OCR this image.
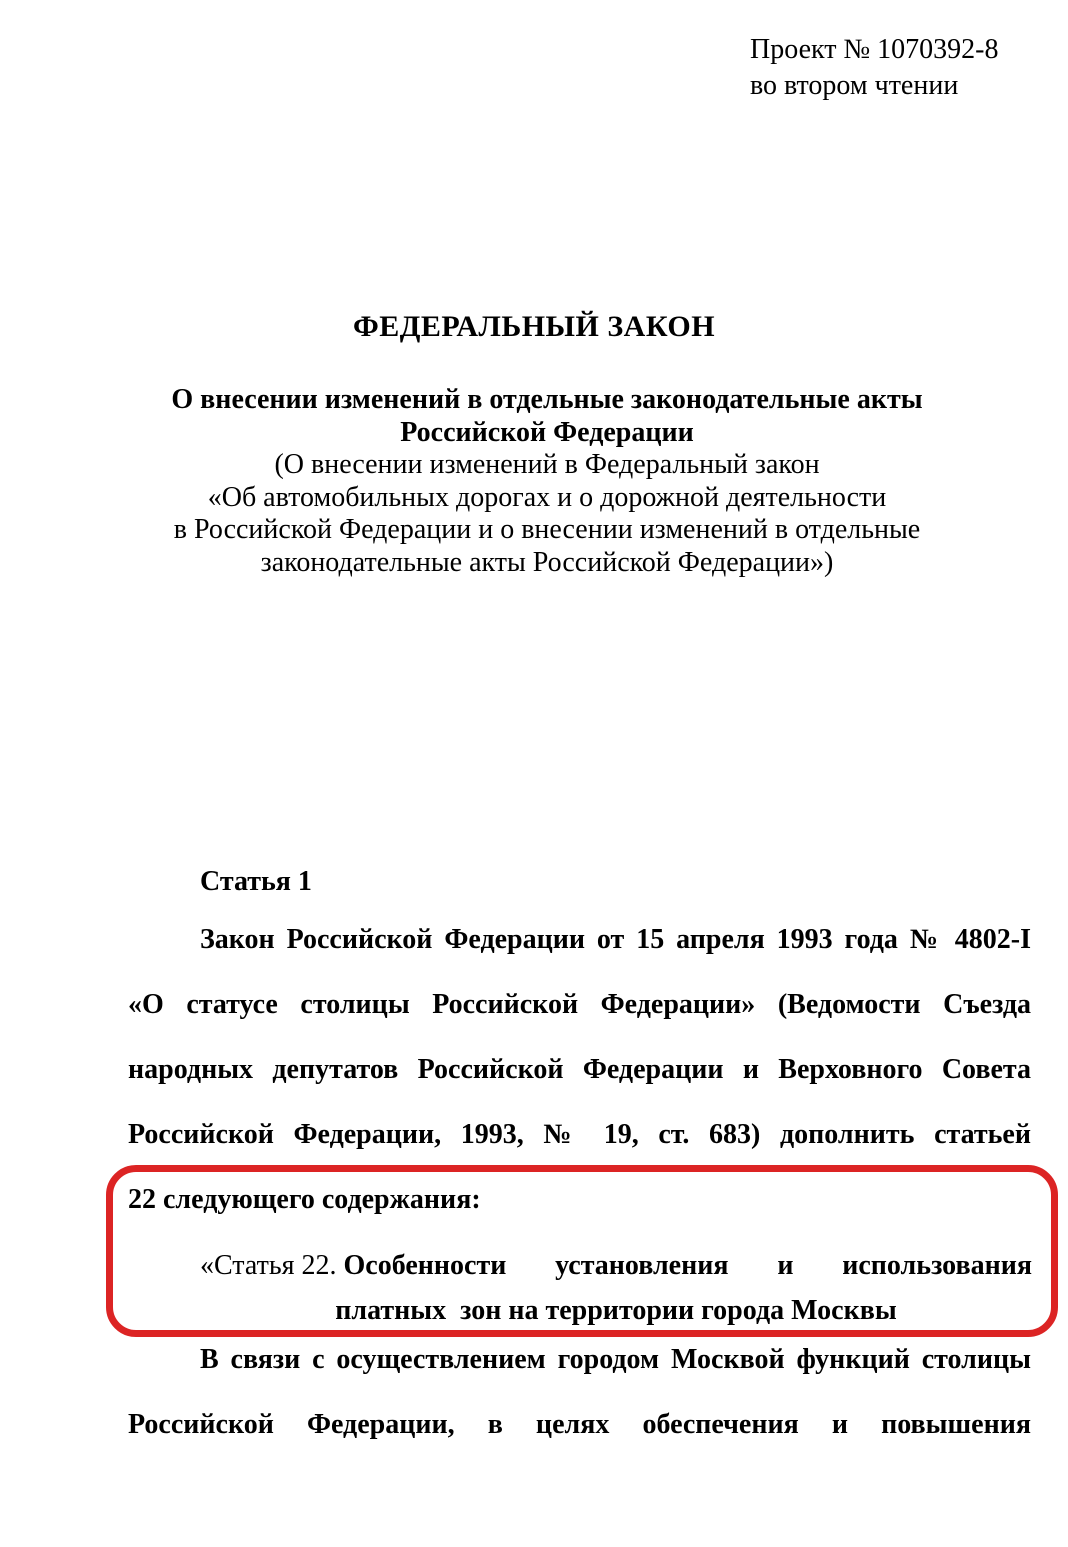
Проект № 1070392-8
во втором чтении
ФЕДЕРАЛЬНЫЙ ЗАКОН
О внесении изменений в отдельные законодательные акты
Российской Федерации
(О внесении изменений в Федеральный закон
«Об автомобильных дорогах и о дорожной деятельности
в Российской Федерации и о внесении изменений в отдельные
законодательные акты Российской Федерации»)
Статья 1
Закон Российской Федерации от 15 апреля 1993 года № 4802-I
«О статусе столицы Российской Федерации» (Ведомости Съезда
народных депутатов Российской Федерации и Верховного Совета
Российской Федерации, 1993, № 19, ст. 683) дополнить статьей
22 следующего содержания:
«Статья 22. Особенности установления и использования
платных  зон на территории города Москвы
В связи с осуществлением городом Москвой функций столицы
Российской Федерации, в целях обеспечения и повышения
